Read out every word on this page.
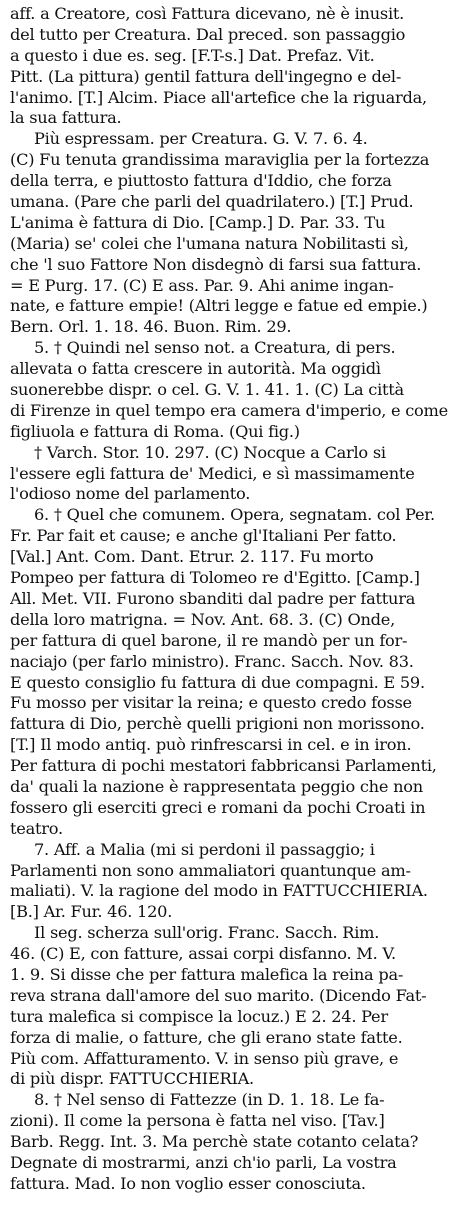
aff. a Creatore, così Fattura dicevano, nè è inusit.
del tutto per Creatura. Dal preced. son passaggio
a questo i due es. seg. [F.T-s.] Dat. Prefaz. Vit.
Pitt. (La pittura) gentil fattura dell'ingegno e del-
l'animo. [T.] Alcim. Piace all'artefice che la riguarda,
la sua fattura.
Più espressam. per Creatura. G. V. 7. 6. 4.
(C) Fu tenuta grandissima maraviglia per la fortezza
della terra, e piuttosto fattura d'Iddio, che forza
umana. (Pare che parli del quadrilatero.) [T.] Prud.
L'anima è fattura di Dio. [Camp.] D. Par. 33. Tu
(Maria) se' colei che l'umana natura Nobilitasti sì,
che 'l suo Fattore Non disdegnò di farsi sua fattura.
= E Purg. 17. (C) E ass. Par. 9. Ahi anime ingan-
nate, e fatture empie! (Altri legge e fatue ed empie.)
Bern. Orl. 1. 18. 46. Buon. Rim. 29.
5. † Quindi nel senso not. a Creatura, di pers.
allevata o fatta crescere in autorità. Ma oggidì
suonerebbe dispr. o cel. G. V. 1. 41. 1. (C) La città
di Firenze in quel tempo era camera d'imperio, e come
figliuola e fattura di Roma. (Qui fig.)
† Varch. Stor. 10. 297. (C) Nocque a Carlo si
l'essere egli fattura de' Medici, e sì massimamente
l'odioso nome del parlamento.
6. † Quel che comunem. Opera, segnatam. col Per.
Fr. Par fait et cause; e anche gl'Italiani Per fatto.
[Val.] Ant. Com. Dant. Etrur. 2. 117. Fu morto
Pompeo per fattura di Tolomeo re d'Egitto. [Camp.]
All. Met. VII. Furono sbanditi dal padre per fattura
della loro matrigna. = Nov. Ant. 68. 3. (C) Onde,
per fattura di quel barone, il re mandò per un for-
naciajo (per farlo ministro). Franc. Sacch. Nov. 83.
E questo consiglio fu fattura di due compagni. E 59.
Fu mosso per visitar la reina; e questo credo fosse
fattura di Dio, perchè quelli prigioni non morissono.
[T.] Il modo antiq. può rinfrescarsi in cel. e in iron.
Per fattura di pochi mestatori fabbricansi Parlamenti,
da' quali la nazione è rappresentata peggio che non
fossero gli eserciti greci e romani da pochi Croati in
teatro.
7. Aff. a Malia (mi si perdoni il passaggio; i
Parlamenti non sono ammaliatori quantunque am-
maliati). V. la ragione del modo in FATTUCCHIERIA.
[B.] Ar. Fur. 46. 120.
Il seg. scherza sull'orig. Franc. Sacch. Rim.
46. (C) E, con fatture, assai corpi disfanno. M. V.
1. 9. Si disse che per fattura malefica la reina pa-
reva strana dall'amore del suo marito. (Dicendo Fat-
tura malefica si compisce la locuz.) E 2. 24. Per
forza di malie, o fatture, che gli erano state fatte.
Più com. Affatturamento. V. in senso più grave, e
di più dispr. FATTUCCHIERIA.
8. † Nel senso di Fattezze (in D. 1. 18. Le fa-
zioni). Il come la persona è fatta nel viso. [Tav.]
Barb. Regg. Int. 3. Ma perchè state cotanto celata?
Degnate di mostrarmi, anzi ch'io parli, La vostra
fattura. Mad. Io non voglio esser conosciuta.
